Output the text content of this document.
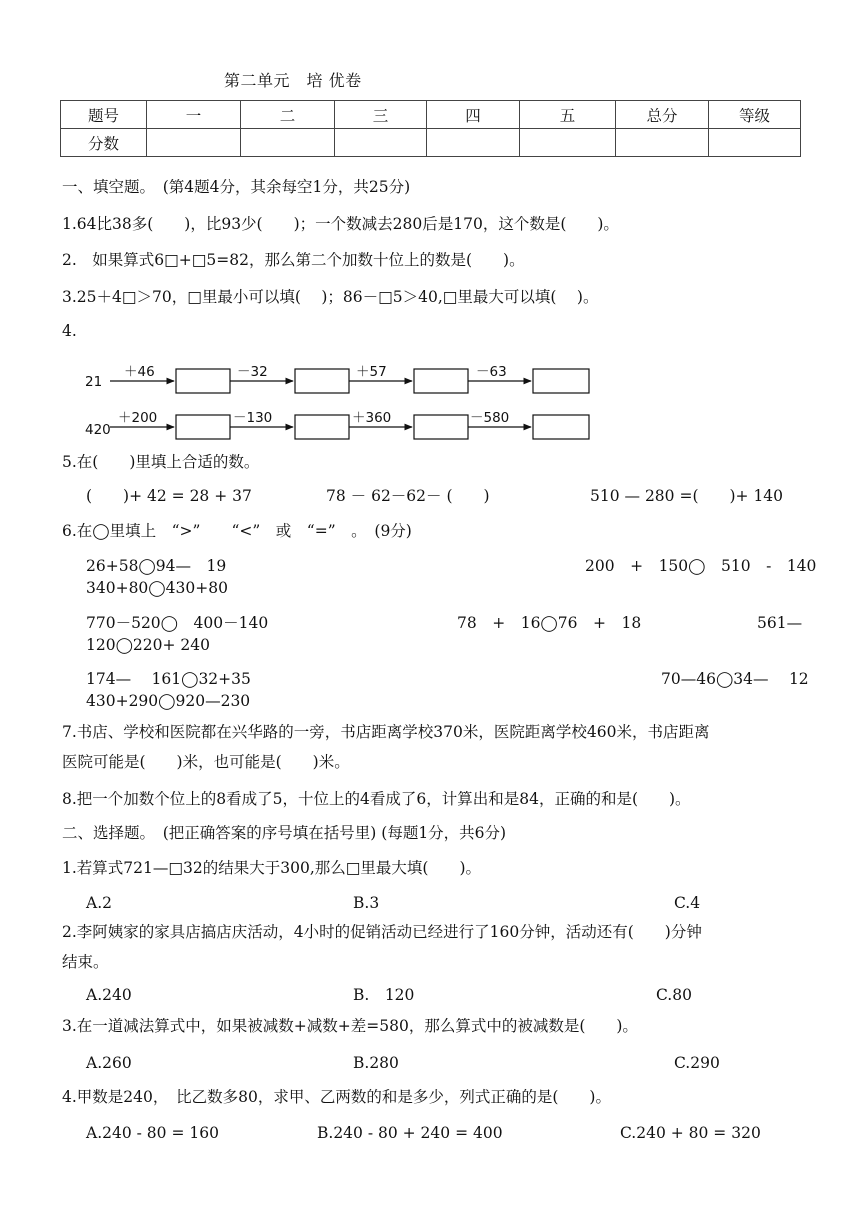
第二单元　培 优卷
题号	一	二	三	四	五	总分	等级
分数							
一、填空题。　(第4题4分，其余每空1分，共25分)
1.64比38多(　　)，比93少(　　)；一个数减去280后是170，这个数是(　　)。
2.　如果算式6□+□5=82，那么第二个加数十位上的数是(　　)。
3.25＋4□＞70，□里最小可以填(　 )；86－□5＞40,□里最大可以填(　 )。
4.
21
＋46	－32	＋57	－63
420
＋200	－130	＋360	－580
5.在(　　)里填上合适的数。
(　　)+ 42 = 28 + 37	78 － 62－62－ (　　)	510 — 280 =(　　)+ 140
6.在◯里填上　“>”　　“<”　或　“=”　。　(9分)
26+58◯94—　19	200　+　150◯　510　-　140
340+80◯430+80
770－520◯　400－140	78　+　16◯76　+　18	561—
120◯220+ 240
174—　 161◯32+35	70—46◯34—　 12
430+290◯920—230
7.书店、学校和医院都在兴华路的一旁，书店距离学校370米，医院距离学校460米，书店距离
医院可能是(　　)米，也可能是(　　)米。
8.把一个加数个位上的8看成了5，十位上的4看成了6，计算出和是84，正确的和是(　　)。
二、选择题。　(把正确答案的序号填在括号里) (每题1分，共6分)
1.若算式721—□32的结果大于300,那么□里最大填(　　)。
A.2	B.3	C.4
2.李阿姨家的家具店搞店庆活动，4小时的促销活动已经进行了160分钟，活动还有(　　)分钟
结束。
A.240	B.　120	C.80
3.在一道减法算式中，如果被减数+减数+差=580，那么算式中的被减数是(　　)。
A.260	B.280	C.290
4.甲数是240，　比乙数多80，求甲、乙两数的和是多少，列式正确的是(　　)。
A.240 - 80 = 160	B.240 - 80 + 240 = 400	C.240 + 80 = 320
